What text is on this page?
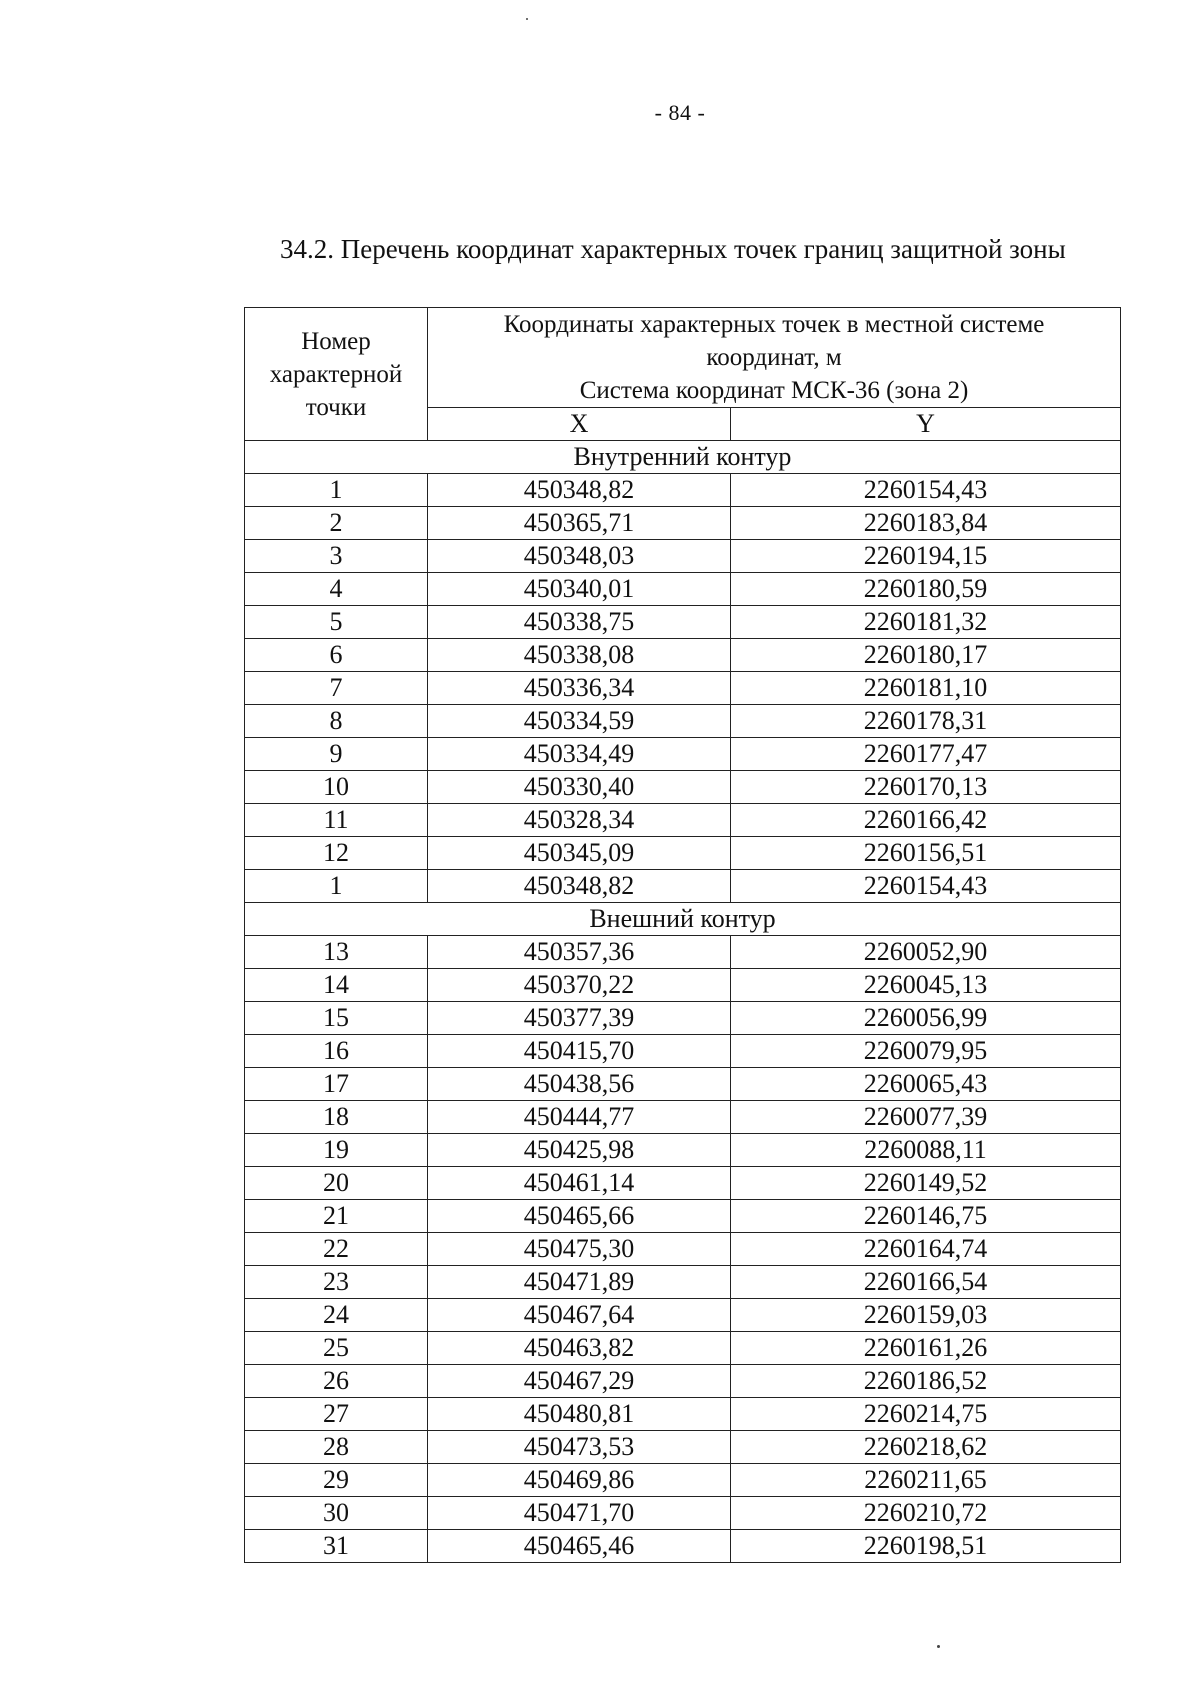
- 84 -
34.2. Перечень координат характерных точек границ защитной зоны
Номер характерной точки	Координаты характерных точек в местной системе
координат, м
Система координат МСК-36 (зона 2)	

	X	Y
Внутренний контур		
1	450348,82	2260154,43
2	450365,71	2260183,84
3	450348,03	2260194,15
4	450340,01	2260180,59
5	450338,75	2260181,32
6	450338,08	2260180,17
7	450336,34	2260181,10
8	450334,59	2260178,31
9	450334,49	2260177,47
10	450330,40	2260170,13
11	450328,34	2260166,42
12	450345,09	2260156,51
1	450348,82	2260154,43
Внешний контур		
13	450357,36	2260052,90
14	450370,22	2260045,13
15	450377,39	2260056,99
16	450415,70	2260079,95
17	450438,56	2260065,43
18	450444,77	2260077,39
19	450425,98	2260088,11
20	450461,14	2260149,52
21	450465,66	2260146,75
22	450475,30	2260164,74
23	450471,89	2260166,54
24	450467,64	2260159,03
25	450463,82	2260161,26
26	450467,29	2260186,52
27	450480,81	2260214,75
28	450473,53	2260218,62
29	450469,86	2260211,65
30	450471,70	2260210,72
31	450465,46	2260198,51
